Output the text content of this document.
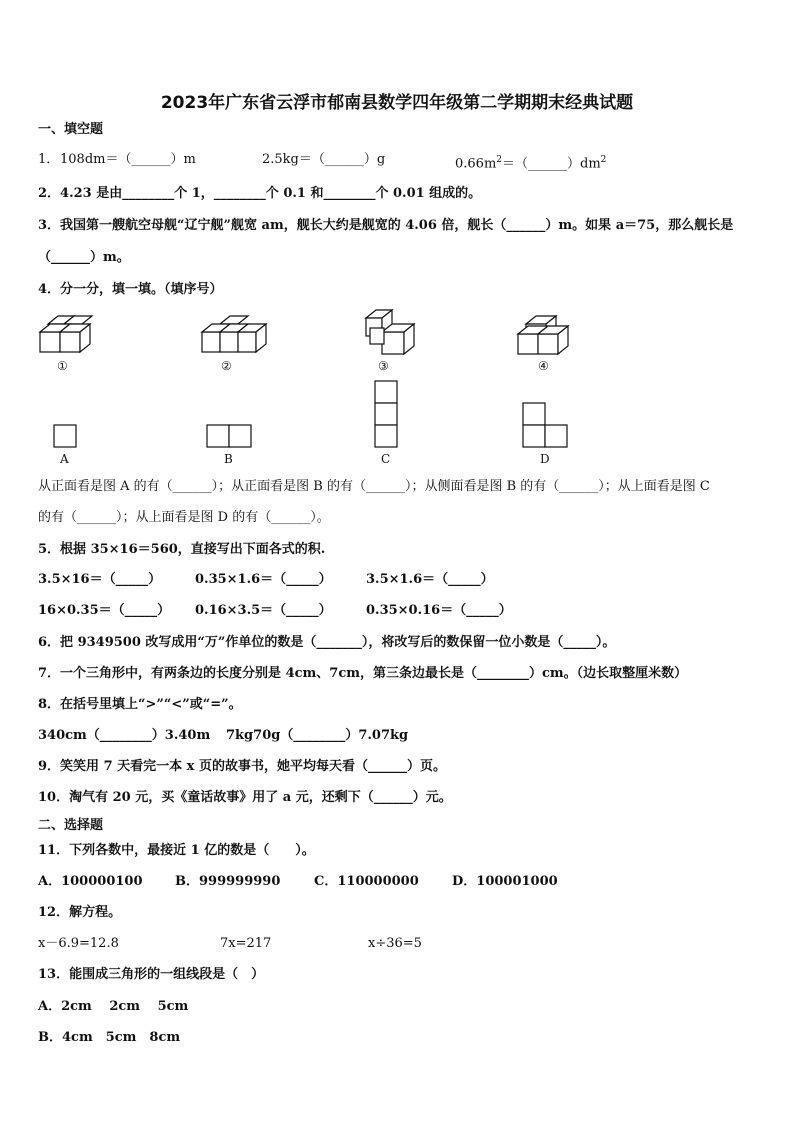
2023年广东省云浮市郁南县数学四年级第二学期期末经典试题
一、填空题
1． 108dm＝（______）m	2.5kg＝（______）g	$0.66m^2=(\_\_\_\_\_\_)dm^2$
2．4.23 是由________个 1，________个 0.1 和________个 0.01 组成的。
3．我国第一艘航空母舰“辽宁舰”舰宽 am，舰长大约是舰宽的 4.06 倍，舰长（______）m。如果 a＝75，那么舰长是
（______）m。
4．分一分，填一填。（填序号）
①	②	③	④
A	B	C	D
从正面看是图 A 的有（______）；从正面看是图 B 的有（______）；从侧面看是图 B 的有（______）；从上面看是图 C
的有（______）；从上面看是图 D 的有（______）。
5．根据 35×16＝560，直接写出下面各式的积.
3.5×16＝（_____）	0.35×1.6＝（_____）	3.5×1.6＝（_____）
16×0.35＝（_____） 0.16×3.5＝（_____）	0.35×0.16＝（_____）
6．把 9349500 改写成用“万”作单位的数是（_______），将改写后的数保留一位小数是（_____）。
7．一个三角形中，有两条边的长度分别是 4cm、7cm，第三条边最长是（________）cm。（边长取整厘米数）
8．在括号里填上“>”“<”或“=”。
340cm（________）3.40m 7kg70g（________）7.07kg
9．笑笑用 7 天看完一本 x 页的故事书，她平均每天看（______）页。
10．淘气有 20 元，买《童话故事》用了 a 元，还剩下（______）元。
二、选择题
11．下列各数中，最接近 1 亿的数是（　　）。
A．100000100	B．999999990	C．110000000	D．100001000
12．解方程。
x－6.9=12.8	7x=217	x÷36=5
13．能围成三角形的一组线段是（　）
A．2cm　 2cm　 5cm
B．4cm　5cm　8cm
